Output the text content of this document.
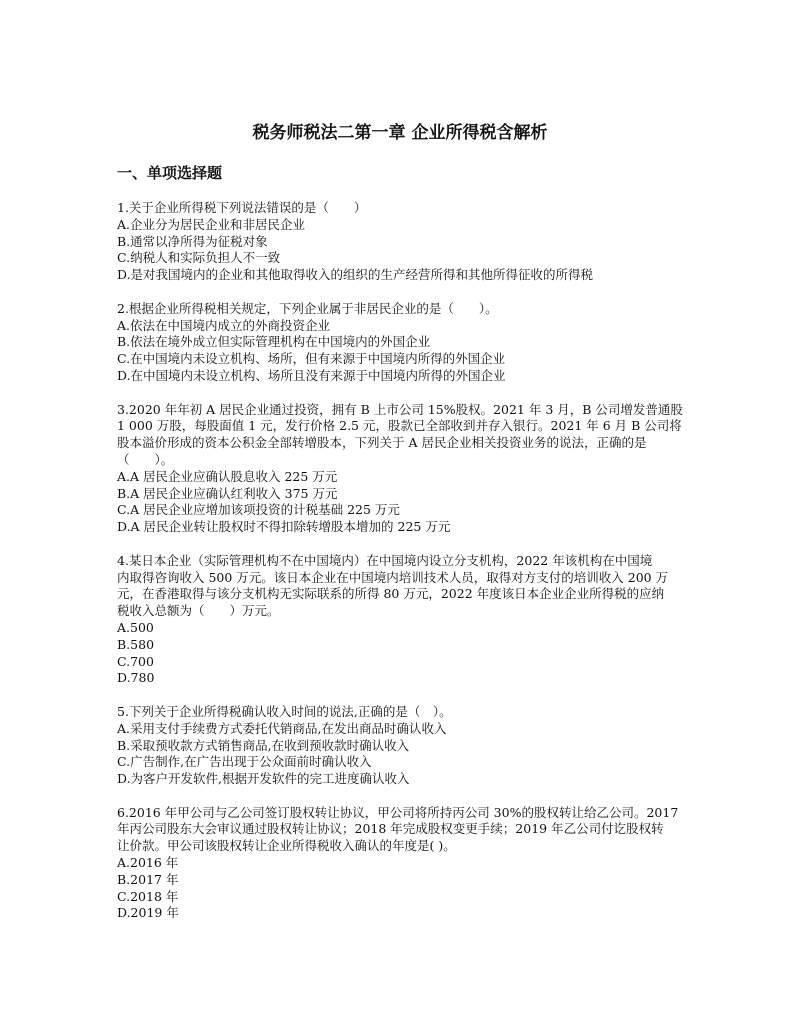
税务师税法二第一章 企业所得税含解析
一、单项选择题
1.关于企业所得税下列说法错误的是（　　）
A.企业分为居民企业和非居民企业
B.通常以净所得为征税对象
C.纳税人和实际负担人不一致
D.是对我国境内的企业和其他取得收入的组织的生产经营所得和其他所得征收的所得税
2.根据企业所得税相关规定，下列企业属于非居民企业的是（　　）。
A.依法在中国境内成立的外商投资企业
B.依法在境外成立但实际管理机构在中国境内的外国企业
C.在中国境内未设立机构、场所，但有来源于中国境内所得的外国企业
D.在中国境内未设立机构、场所且没有来源于中国境内所得的外国企业
3.2020 年年初 A 居民企业通过投资，拥有 B 上市公司 15%股权。2021 年 3 月，B 公司增发普通股
1 000 万股，每股面值 1 元，发行价格 2.5 元，股款已全部收到并存入银行。2021 年 6 月 B 公司将
股本溢价形成的资本公积金全部转增股本，下列关于 A 居民企业相关投资业务的说法，正确的是
（　　）。
A.A 居民企业应确认股息收入 225 万元
B.A 居民企业应确认红利收入 375 万元
C.A 居民企业应增加该项投资的计税基础 225 万元
D.A 居民企业转让股权时不得扣除转增股本增加的 225 万元
4.某日本企业（实际管理机构不在中国境内）在中国境内设立分支机构，2022 年该机构在中国境
内取得咨询收入 500 万元。该日本企业在中国境内培训技术人员，取得对方支付的培训收入 200 万
元，在香港取得与该分支机构无实际联系的所得 80 万元，2022 年度该日本企业企业所得税的应纳
税收入总额为（　　）万元。
A.500
B.580
C.700
D.780
5.下列关于企业所得税确认收入时间的说法,正确的是（　）。
A.采用支付手续费方式委托代销商品,在发出商品时确认收入
B.采取预收款方式销售商品,在收到预收款时确认收入
C.广告制作,在广告出现于公众面前时确认收入
D.为客户开发软件,根据开发软件的完工进度确认收入
6.2016 年甲公司与乙公司签订股权转让协议，甲公司将所持丙公司 30%的股权转让给乙公司。2017
年丙公司股东大会审议通过股权转让协议；2018 年完成股权变更手续；2019 年乙公司付讫股权转
让价款。甲公司该股权转让企业所得税收入确认的年度是( )。
A.2016 年
B.2017 年
C.2018 年
D.2019 年
